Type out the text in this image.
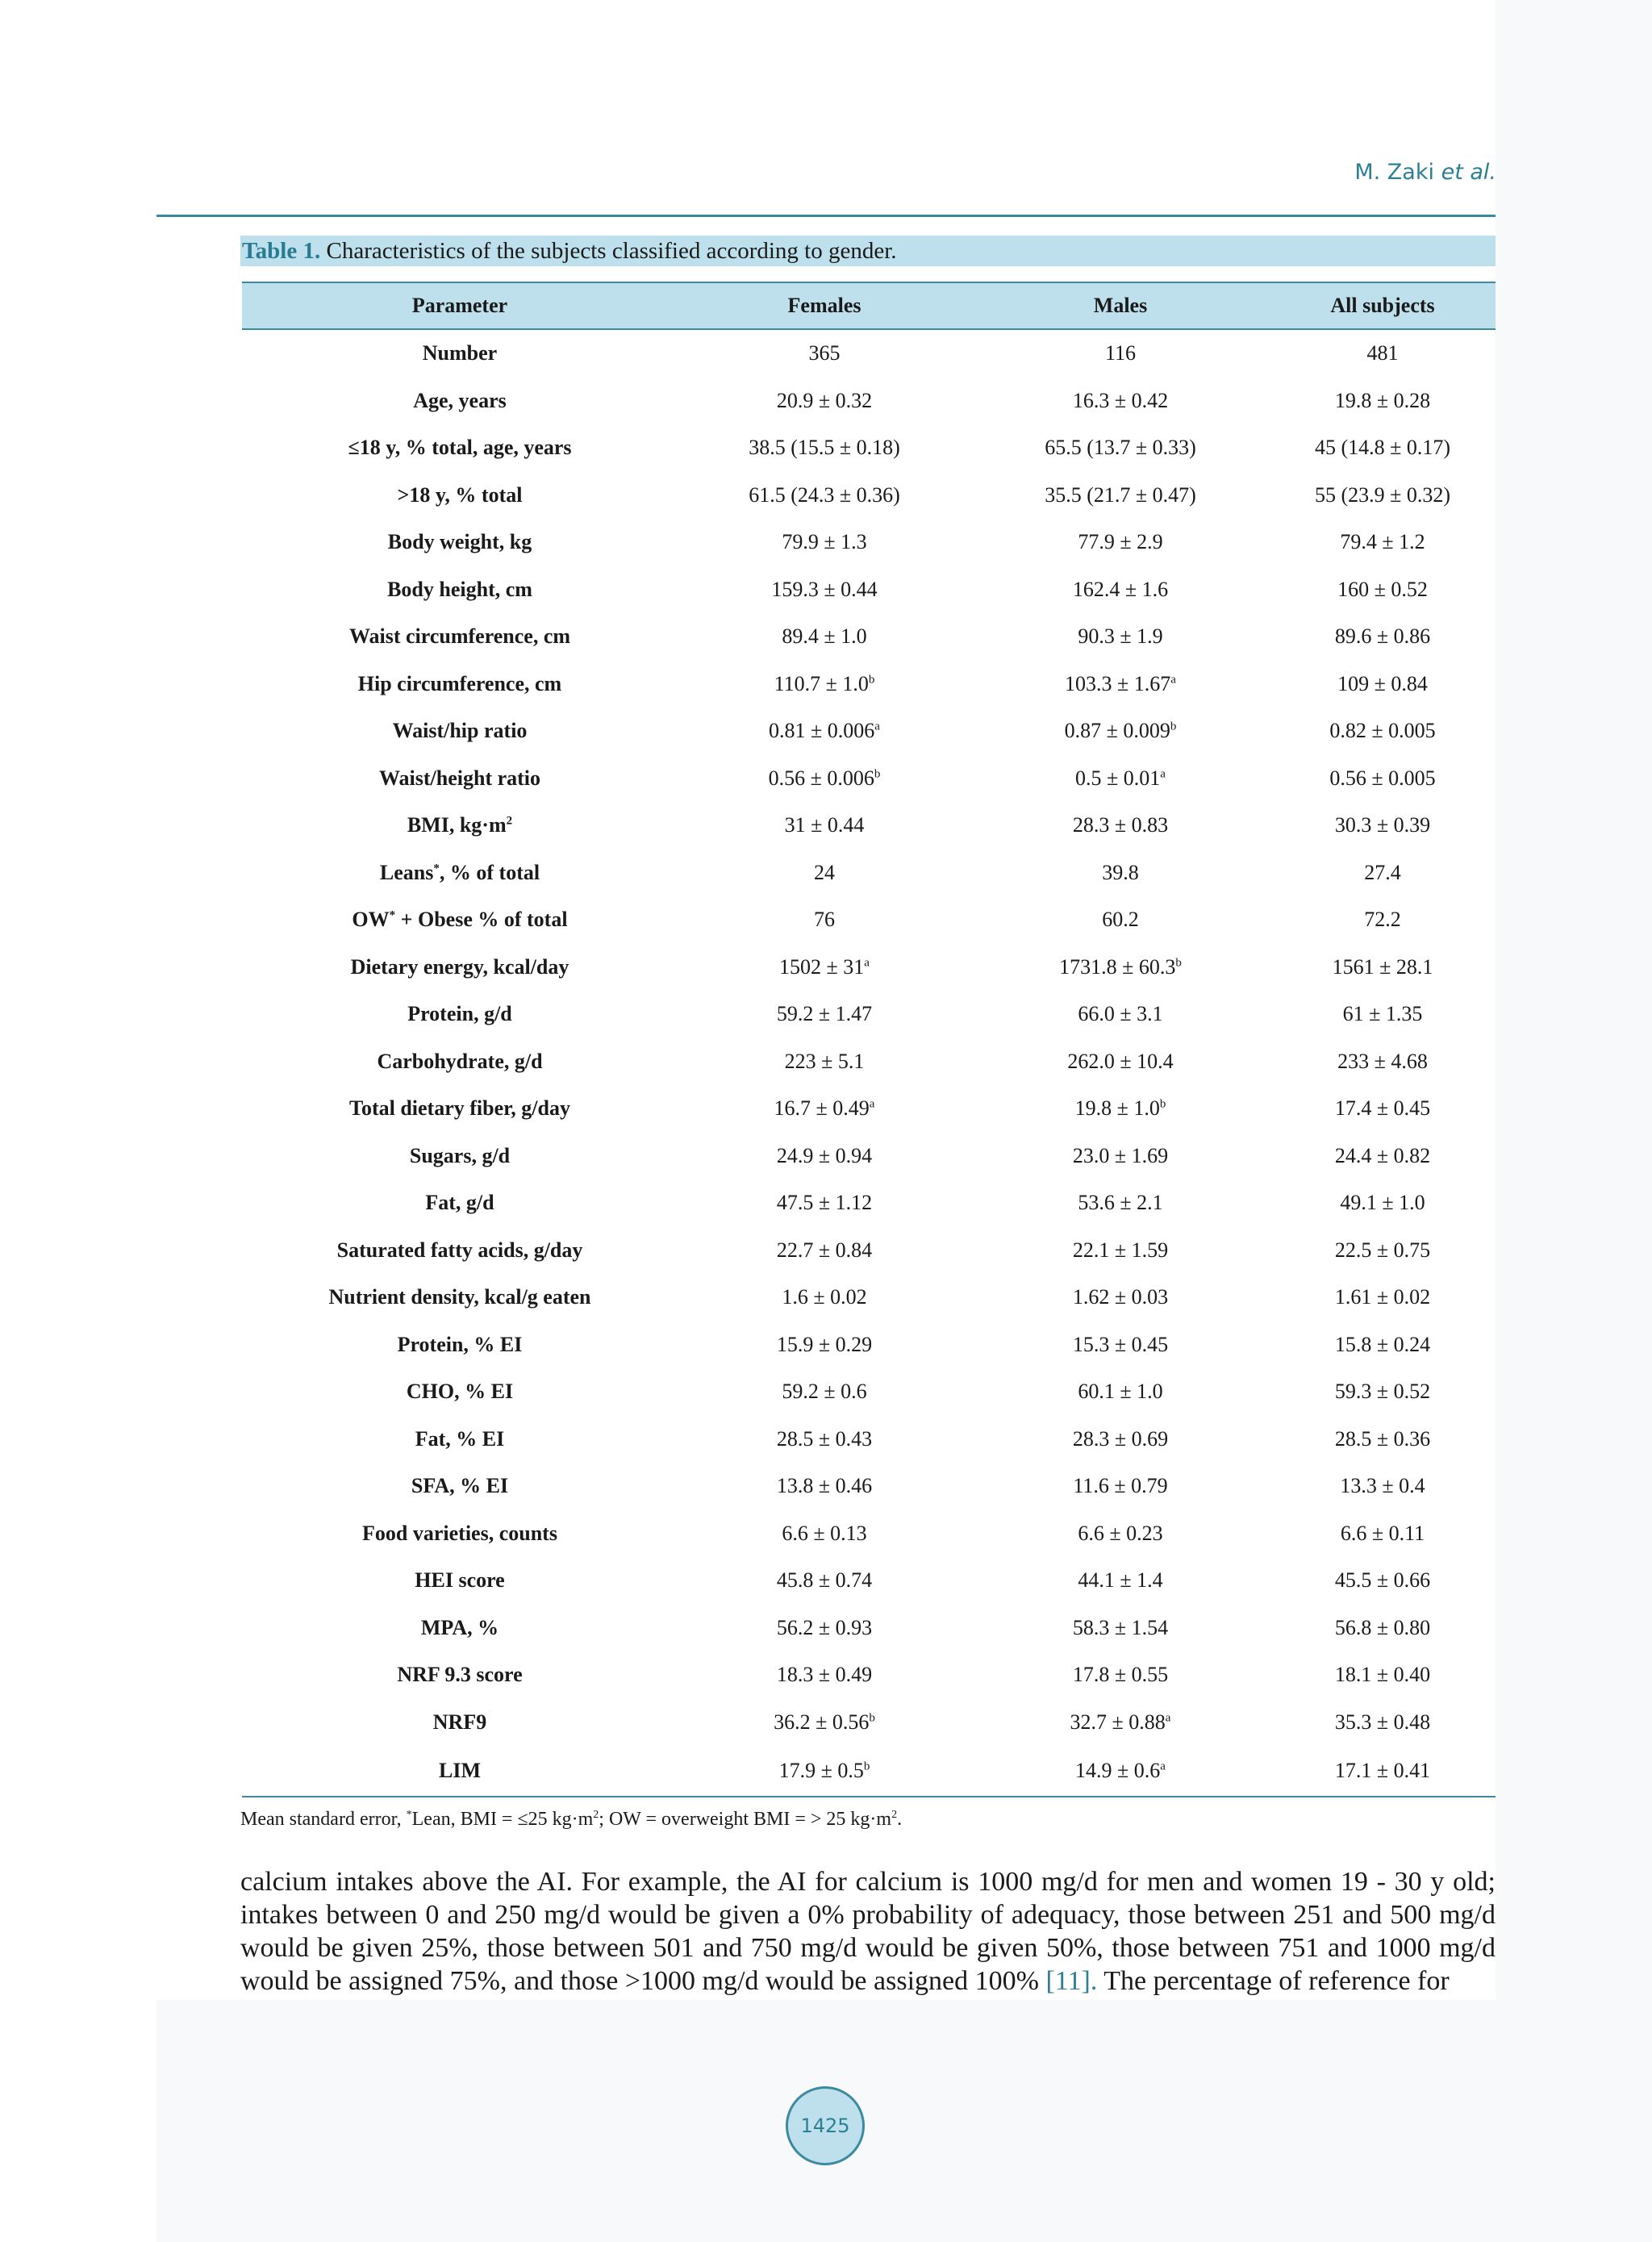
M. Zaki et al.
Table 1. Characteristics of the subjects classified according to gender.
Parameter	Females	Males	All subjects
Number	365	116	481
Age, years	20.9 ± 0.32	16.3 ± 0.42	19.8 ± 0.28
≤18 y, % total, age, years	38.5 (15.5 ± 0.18)	65.5 (13.7 ± 0.33)	45 (14.8 ± 0.17)
>18 y, % total	61.5 (24.3 ± 0.36)	35.5 (21.7 ± 0.47)	55 (23.9 ± 0.32)
Body weight, kg	79.9 ± 1.3	77.9 ± 2.9	79.4 ± 1.2
Body height, cm	159.3 ± 0.44	162.4 ± 1.6	160 ± 0.52
Waist circumference, cm	89.4 ± 1.0	90.3 ± 1.9	89.6 ± 0.86
Hip circumference, cm	110.7 ± 1.0$^b$	103.3 ± 1.67$^a$	109 ± 0.84
Waist/hip ratio	0.81 ± 0.006$^a$	0.87 ± 0.009$^b$	0.82 ± 0.005
Waist/height ratio	0.56 ± 0.006$^b$	0.5 ± 0.01$^a$	0.56 ± 0.005
BMI, $kg\cdot m^2$	31 ± 0.44	28.3 ± 0.83	30.3 ± 0.39
Leans*, % of total	24	39.8	27.4
OW* + Obese % of total	76	60.2	72.2
Dietary energy, kcal/day	$1502 \pm 31^a$	1731.8 ± 60.3$^b$	1561 ± 28.1
Protein, g/d	59.2 ± 1.47	66.0 ± 3.1	61 ± 1.35
Carbohydrate, g/d	223 ± 5.1	262.0 ± 10.4	233 ± 4.68
Total dietary fiber, g/day	16.7 ± 0.49$^a$	19.8 ± 1.0$^b$	17.4 ± 0.45
Sugars, g/d	24.9 ± 0.94	23.0 ± 1.69	24.4 ± 0.82
Fat, g/d	47.5 ± 1.12	53.6 ± 2.1	49.1 ± 1.0
Saturated fatty acids, g/day	22.7 ± 0.84	22.1 ± 1.59	22.5 ± 0.75
Nutrient density, kcal/g eaten	1.6 ± 0.02	1.62 ± 0.03	1.61 ± 0.02
Protein, % EI	15.9 ± 0.29	15.3 ± 0.45	15.8 ± 0.24
CHO, % EI	59.2 ± 0.6	60.1 ± 1.0	59.3 ± 0.52
Fat, % EI	28.5 ± 0.43	28.3 ± 0.69	28.5 ± 0.36
SFA, % EI	13.8 ± 0.46	11.6 ± 0.79	13.3 ± 0.4
Food varieties, counts	6.6 ± 0.13	6.6 ± 0.23	6.6 ± 0.11
HEI score	45.8 ± 0.74	44.1 ± 1.4	45.5 ± 0.66
MPA, %	56.2 ± 0.93	58.3 ± 1.54	56.8 ± 0.80
NRF 9.3 score	18.3 ± 0.49	17.8 ± 0.55	18.1 ± 0.40
NRF9	36.2 ± 0.56$^b$	32.7 ± 0.88$^a$	35.3 ± 0.48
LIM	17.9 ± 0.5$^b$	14.9 ± 0.6$^a$	17.1 ± 0.41
Mean standard error, *Lean, BMI = ≤25 $kg\cdot m^2$; OW = overweight BMI = > 25 $kg\cdot m^2$.
calcium intakes above the AI. For example, the AI for calcium is 1000 mg/d for men and women 19 - 30 y old; intakes between 0 and 250 mg/d would be given a 0% probability of adequacy, those between 251 and 500 mg/d would be given 25%, those between 501 and 750 mg/d would be given 50%, those between 751 and 1000 mg/d would be assigned 75%, and those >1000 mg/d would be assigned 100% [11]. The percentage of reference for
1425
